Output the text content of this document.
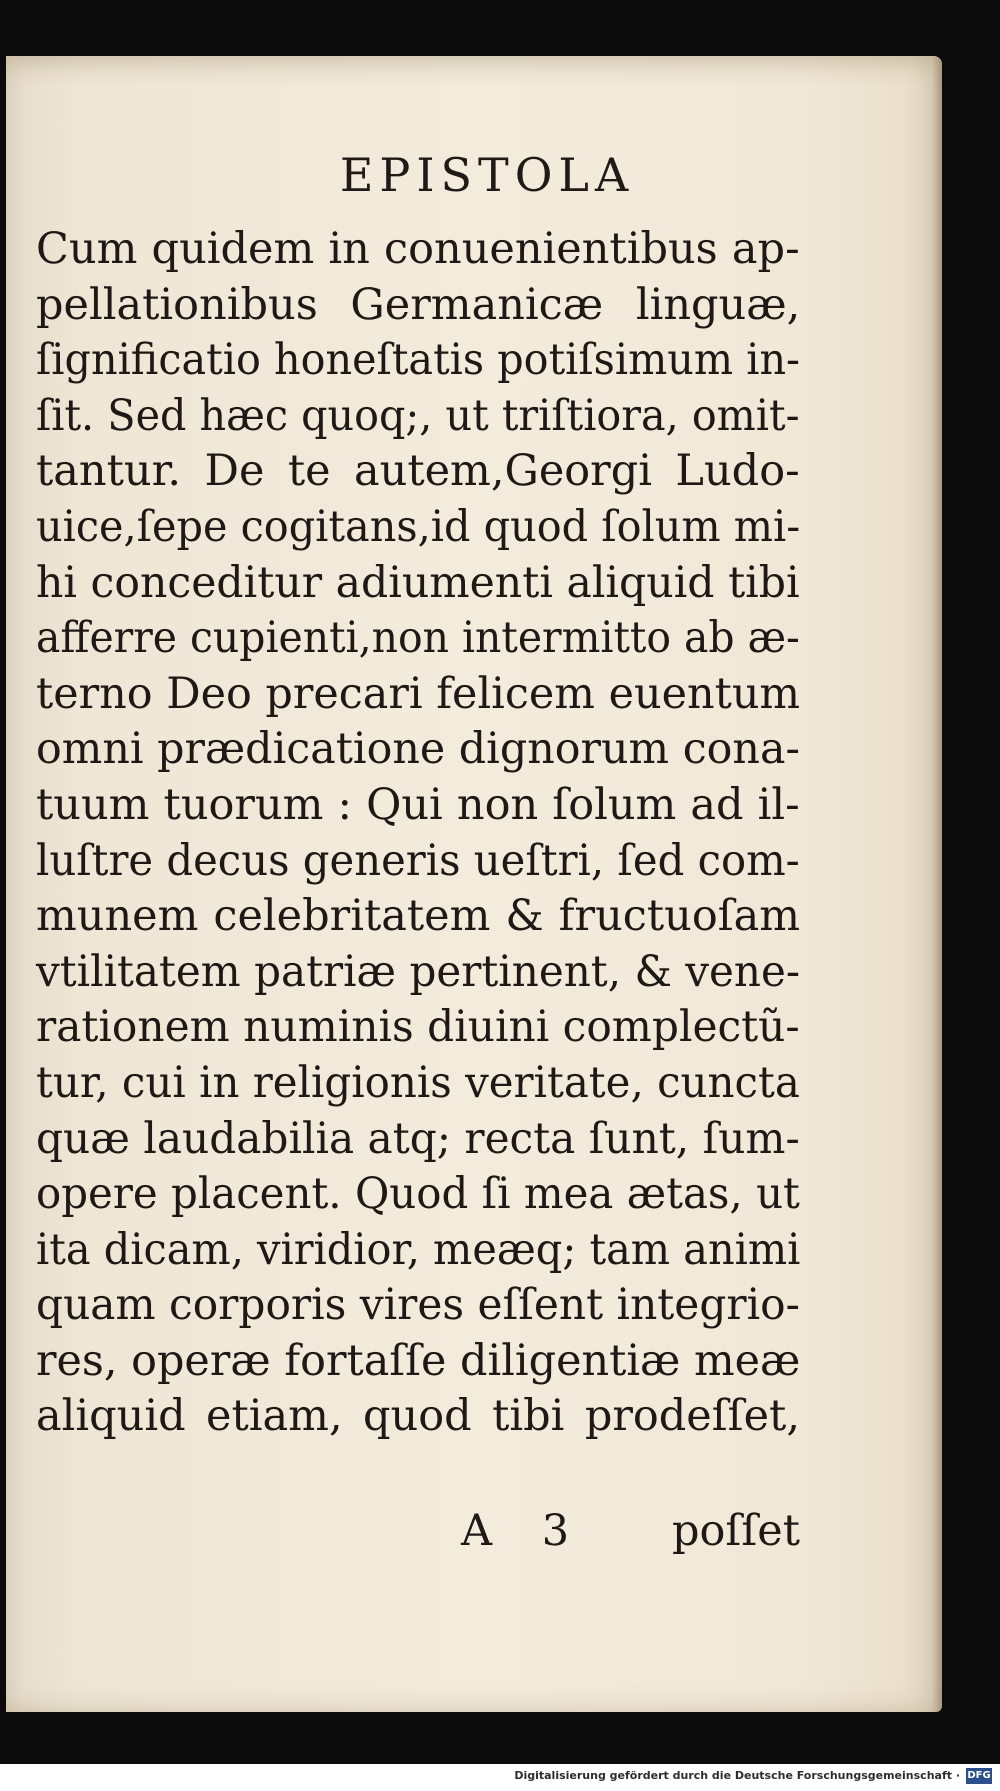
EPISTOLA
Cum quidem in conuenientibus ap-
pellationibus Germanicæ linguæ,
ſignificatio honeſtatis potiſsimum in-
ſit. Sed hæc quoq;, ut triſtiora, omit-
tantur. De te autem,Georgi Ludo-
uice,ſepe cogitans,id quod ſolum mi-
hi conceditur adiumenti aliquid tibi
afferre cupienti,non intermitto ab æ-
terno Deo precari felicem euentum
omni prædicatione dignorum cona-
tuum tuorum : Qui non ſolum ad il-
luſtre decus generis ueſtri, ſed com-
munem celebritatem & fructuoſam
vtilitatem patriæ pertinent, & vene-
rationem numinis diuini complectũ-
tur, cui in religionis veritate, cuncta
quæ laudabilia atq; recta ſunt, ſum-
opere placent. Quod ſi mea ætas, ut
ita dicam, viridior, meæq; tam animi
quam corporis vires eſſent integrio-
res, operæ fortaſſe diligentiæ meæ
aliquid etiam, quod tibi prodeſſet,
A 3 poſſet
Digitalisierung gefördert durch die Deutsche Forschungsgemeinschaft · DFG
